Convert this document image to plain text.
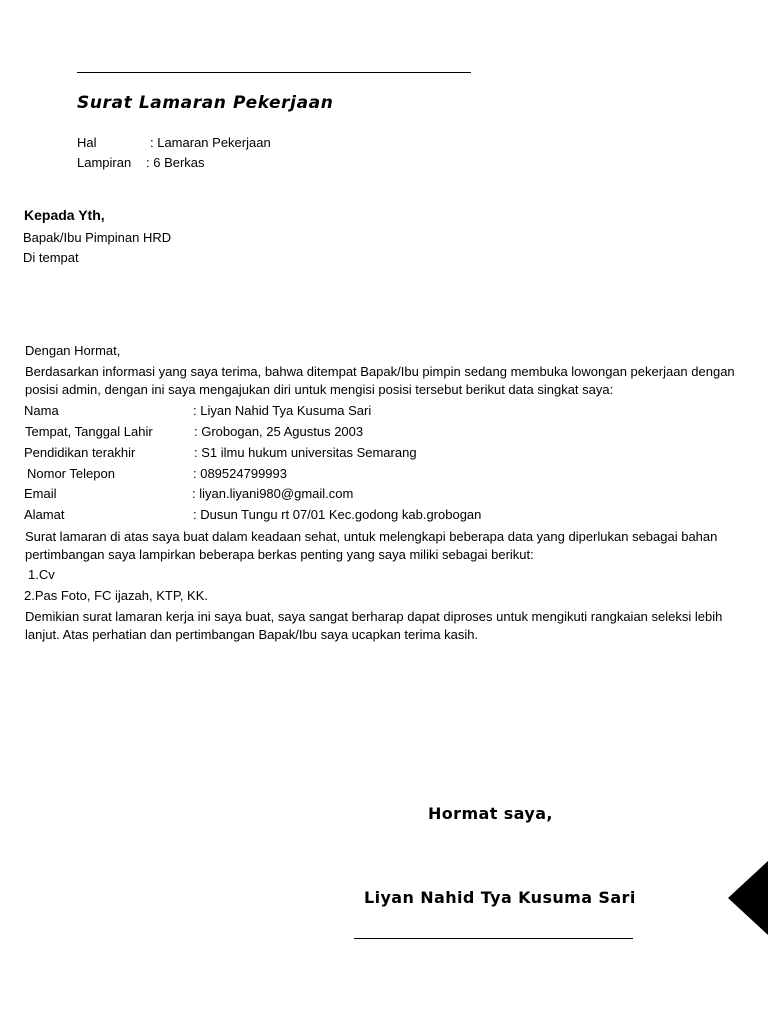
Surat Lamaran Pekerjaan
Hal	: Lamaran Pekerjaan
Lampiran : 6 Berkas
Kepada Yth,
Bapak/Ibu Pimpinan HRD
Di tempat
Dengan Hormat,
Berdasarkan informasi yang saya terima, bahwa ditempat Bapak/Ibu pimpin sedang membuka lowongan pekerjaan dengan posisi admin, dengan ini saya mengajukan diri untuk mengisi posisi tersebut berikut data singkat saya:
Nama	: Liyan Nahid Tya Kusuma Sari
Tempat, Tanggal Lahir	: Grobogan, 25 Agustus 2003
Pendidikan terakhir	: S1 ilmu hukum universitas Semarang
Nomor Telepon	: 089524799993
Email	: liyan.liyani980@gmail.com
Alamat	: Dusun Tungu rt 07/01 Kec.godong kab.grobogan
Surat lamaran di atas saya buat dalam keadaan sehat, untuk melengkapi beberapa data yang diperlukan sebagai bahan pertimbangan saya lampirkan beberapa berkas penting yang saya miliki sebagai berikut:
1.Cv
2.Pas Foto, FC ijazah, KTP, KK.
Demikian surat lamaran kerja ini saya buat, saya sangat berharap dapat diproses untuk mengikuti rangkaian seleksi lebih lanjut. Atas perhatian dan pertimbangan Bapak/Ibu saya ucapkan terima kasih.
Hormat saya,
Liyan Nahid Tya Kusuma Sari
